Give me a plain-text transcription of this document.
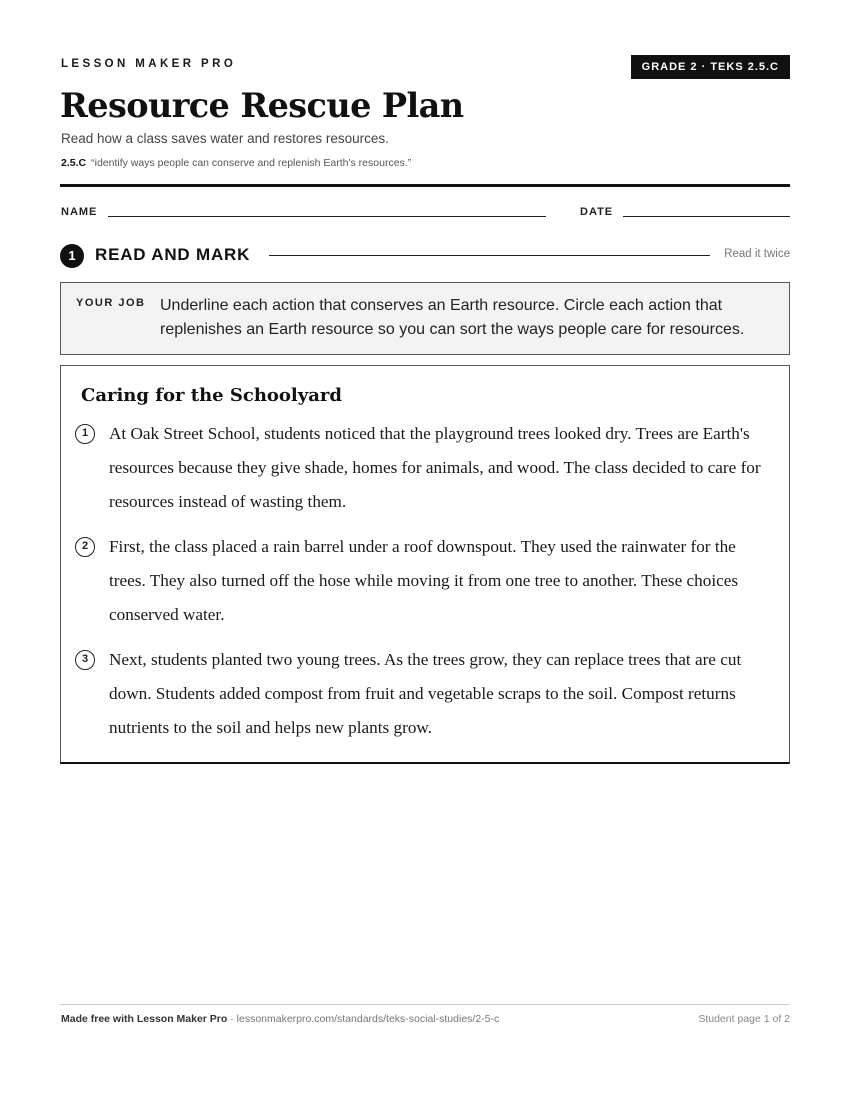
LESSON MAKER PRO	GRADE 2 · TEKS 2.5.C
Resource Rescue Plan
Read how a class saves water and restores resources.
2.5.C “identify ways people can conserve and replenish Earth's resources.”
NAME	DATE
1	READ AND MARK	Read it twice
YOUR JOB Underline each action that conserves an Earth resource. Circle each action that replenishes an Earth resource so you can sort the ways people care for resources.
Caring for the Schoolyard
1	At Oak Street School, students noticed that the playground trees looked dry. Trees are Earth's resources because they give shade, homes for animals, and wood. The class decided to care for resources instead of wasting them.
2	First, the class placed a rain barrel under a roof downspout. They used the rainwater for the trees. They also turned off the hose while moving it from one tree to another. These choices conserved water.
3	Next, students planted two young trees. As the trees grow, they can replace trees that are cut down. Students added compost from fruit and vegetable scraps to the soil. Compost returns nutrients to the soil and helps new plants grow.
Made free with Lesson Maker Pro · lessonmakerpro.com/standards/teks-social-studies/2-5-c	Student page 1 of 2
